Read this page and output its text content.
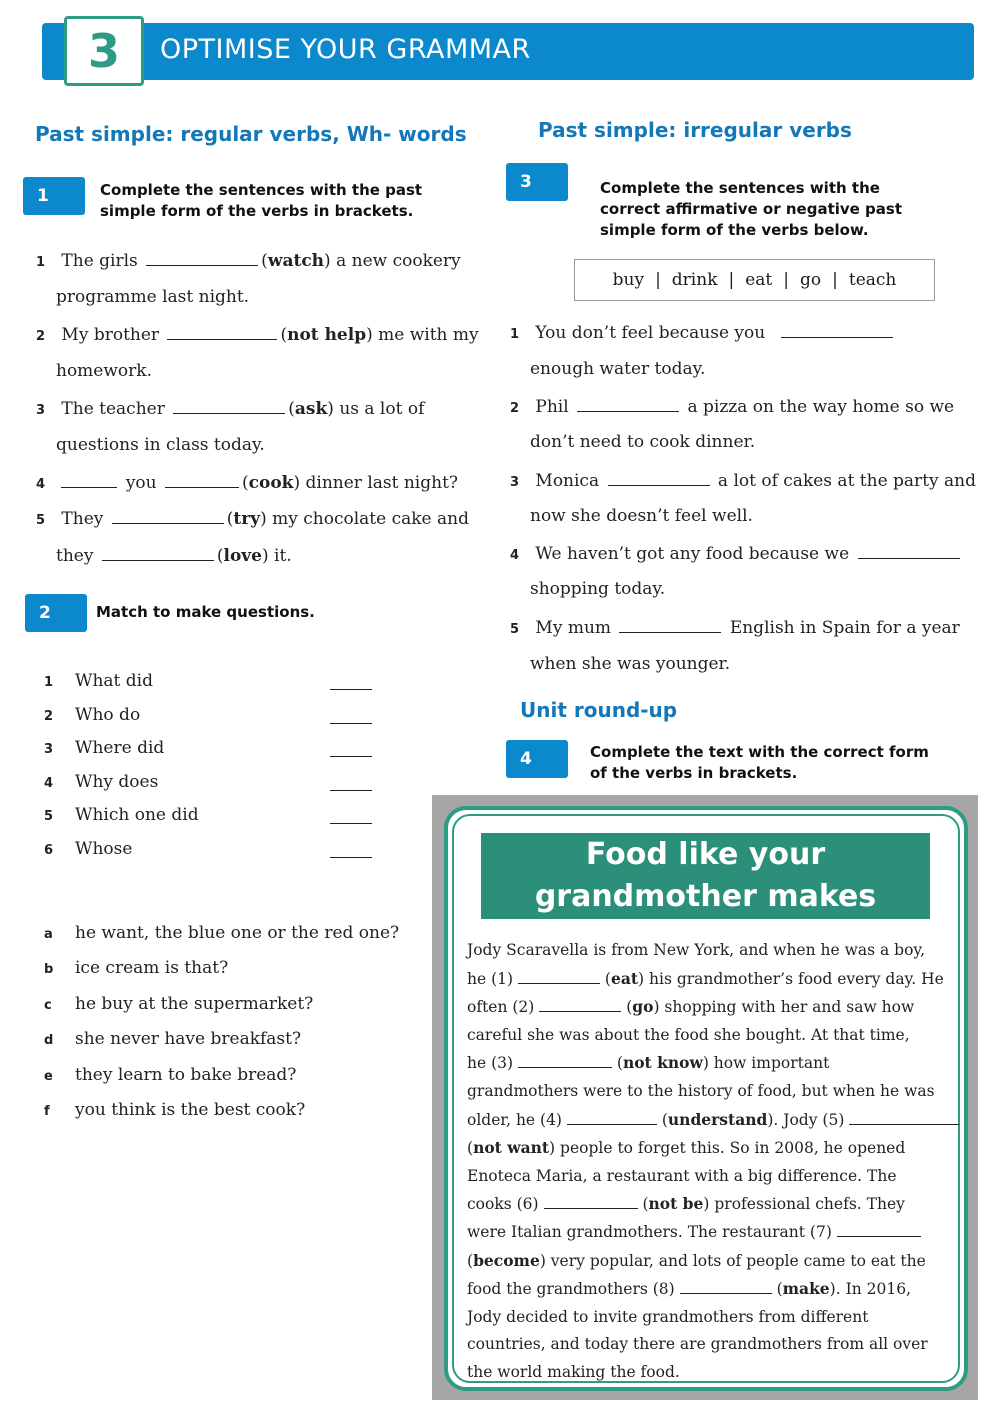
3	OPTIMISE YOUR GRAMMAR
Past simple: regular verbs, Wh- words
1	Complete the sentences with the past simple form of the verbs in brackets.
1 The girls	(watch) a new cookery
programme last night.
2 My brother	(not help) me with my
homework.
3 The teacher	(ask) us a lot of
questions in class today.
4	you	(cook) dinner last night?
5 They	(try) my chocolate cake and
they	(love) it.
2	Match to make questions.
1 What did
2 Who do
3 Where did
4 Why does
5 Which one did
6 Whose
a he want, the blue one or the red one?
b ice cream is that?
c he buy at the supermarket?
d she never have breakfast?
e they learn to bake bread?
f you think is the best cook?
Past simple: irregular verbs
3	Complete the sentences with the correct affirmative or negative past simple form of the verbs below.
buy | drink | eat | go | teach
1 You don’t feel because you
enough water today.
2 Phil	a pizza on the way home so we
don’t need to cook dinner.
3 Monica	a lot of cakes at the party and
now she doesn’t feel well.
4 We haven’t got any food because we
shopping today.
5 My mum	English in Spain for a year
when she was younger.
Unit round-up
4	Complete the text with the correct form of the verbs in brackets.
Food like your
grandmother makes
Jody Scaravella is from New York, and when he was a boy,
he (1)	(eat) his grandmother’s food every day. He
often (2)	(go) shopping with her and saw how
careful she was about the food she bought. At that time,
he (3)	(not know) how important
grandmothers were to the history of food, but when he was
older, he (4)	(understand). Jody (5)
(not want) people to forget this. So in 2008, he opened
Enoteca Maria, a restaurant with a big difference. The
cooks (6)	(not be) professional chefs. They
were Italian grandmothers. The restaurant (7)
(become) very popular, and lots of people came to eat the
food the grandmothers (8)	(make). In 2016,
Jody decided to invite grandmothers from different
countries, and today there are grandmothers from all over
the world making the food.
